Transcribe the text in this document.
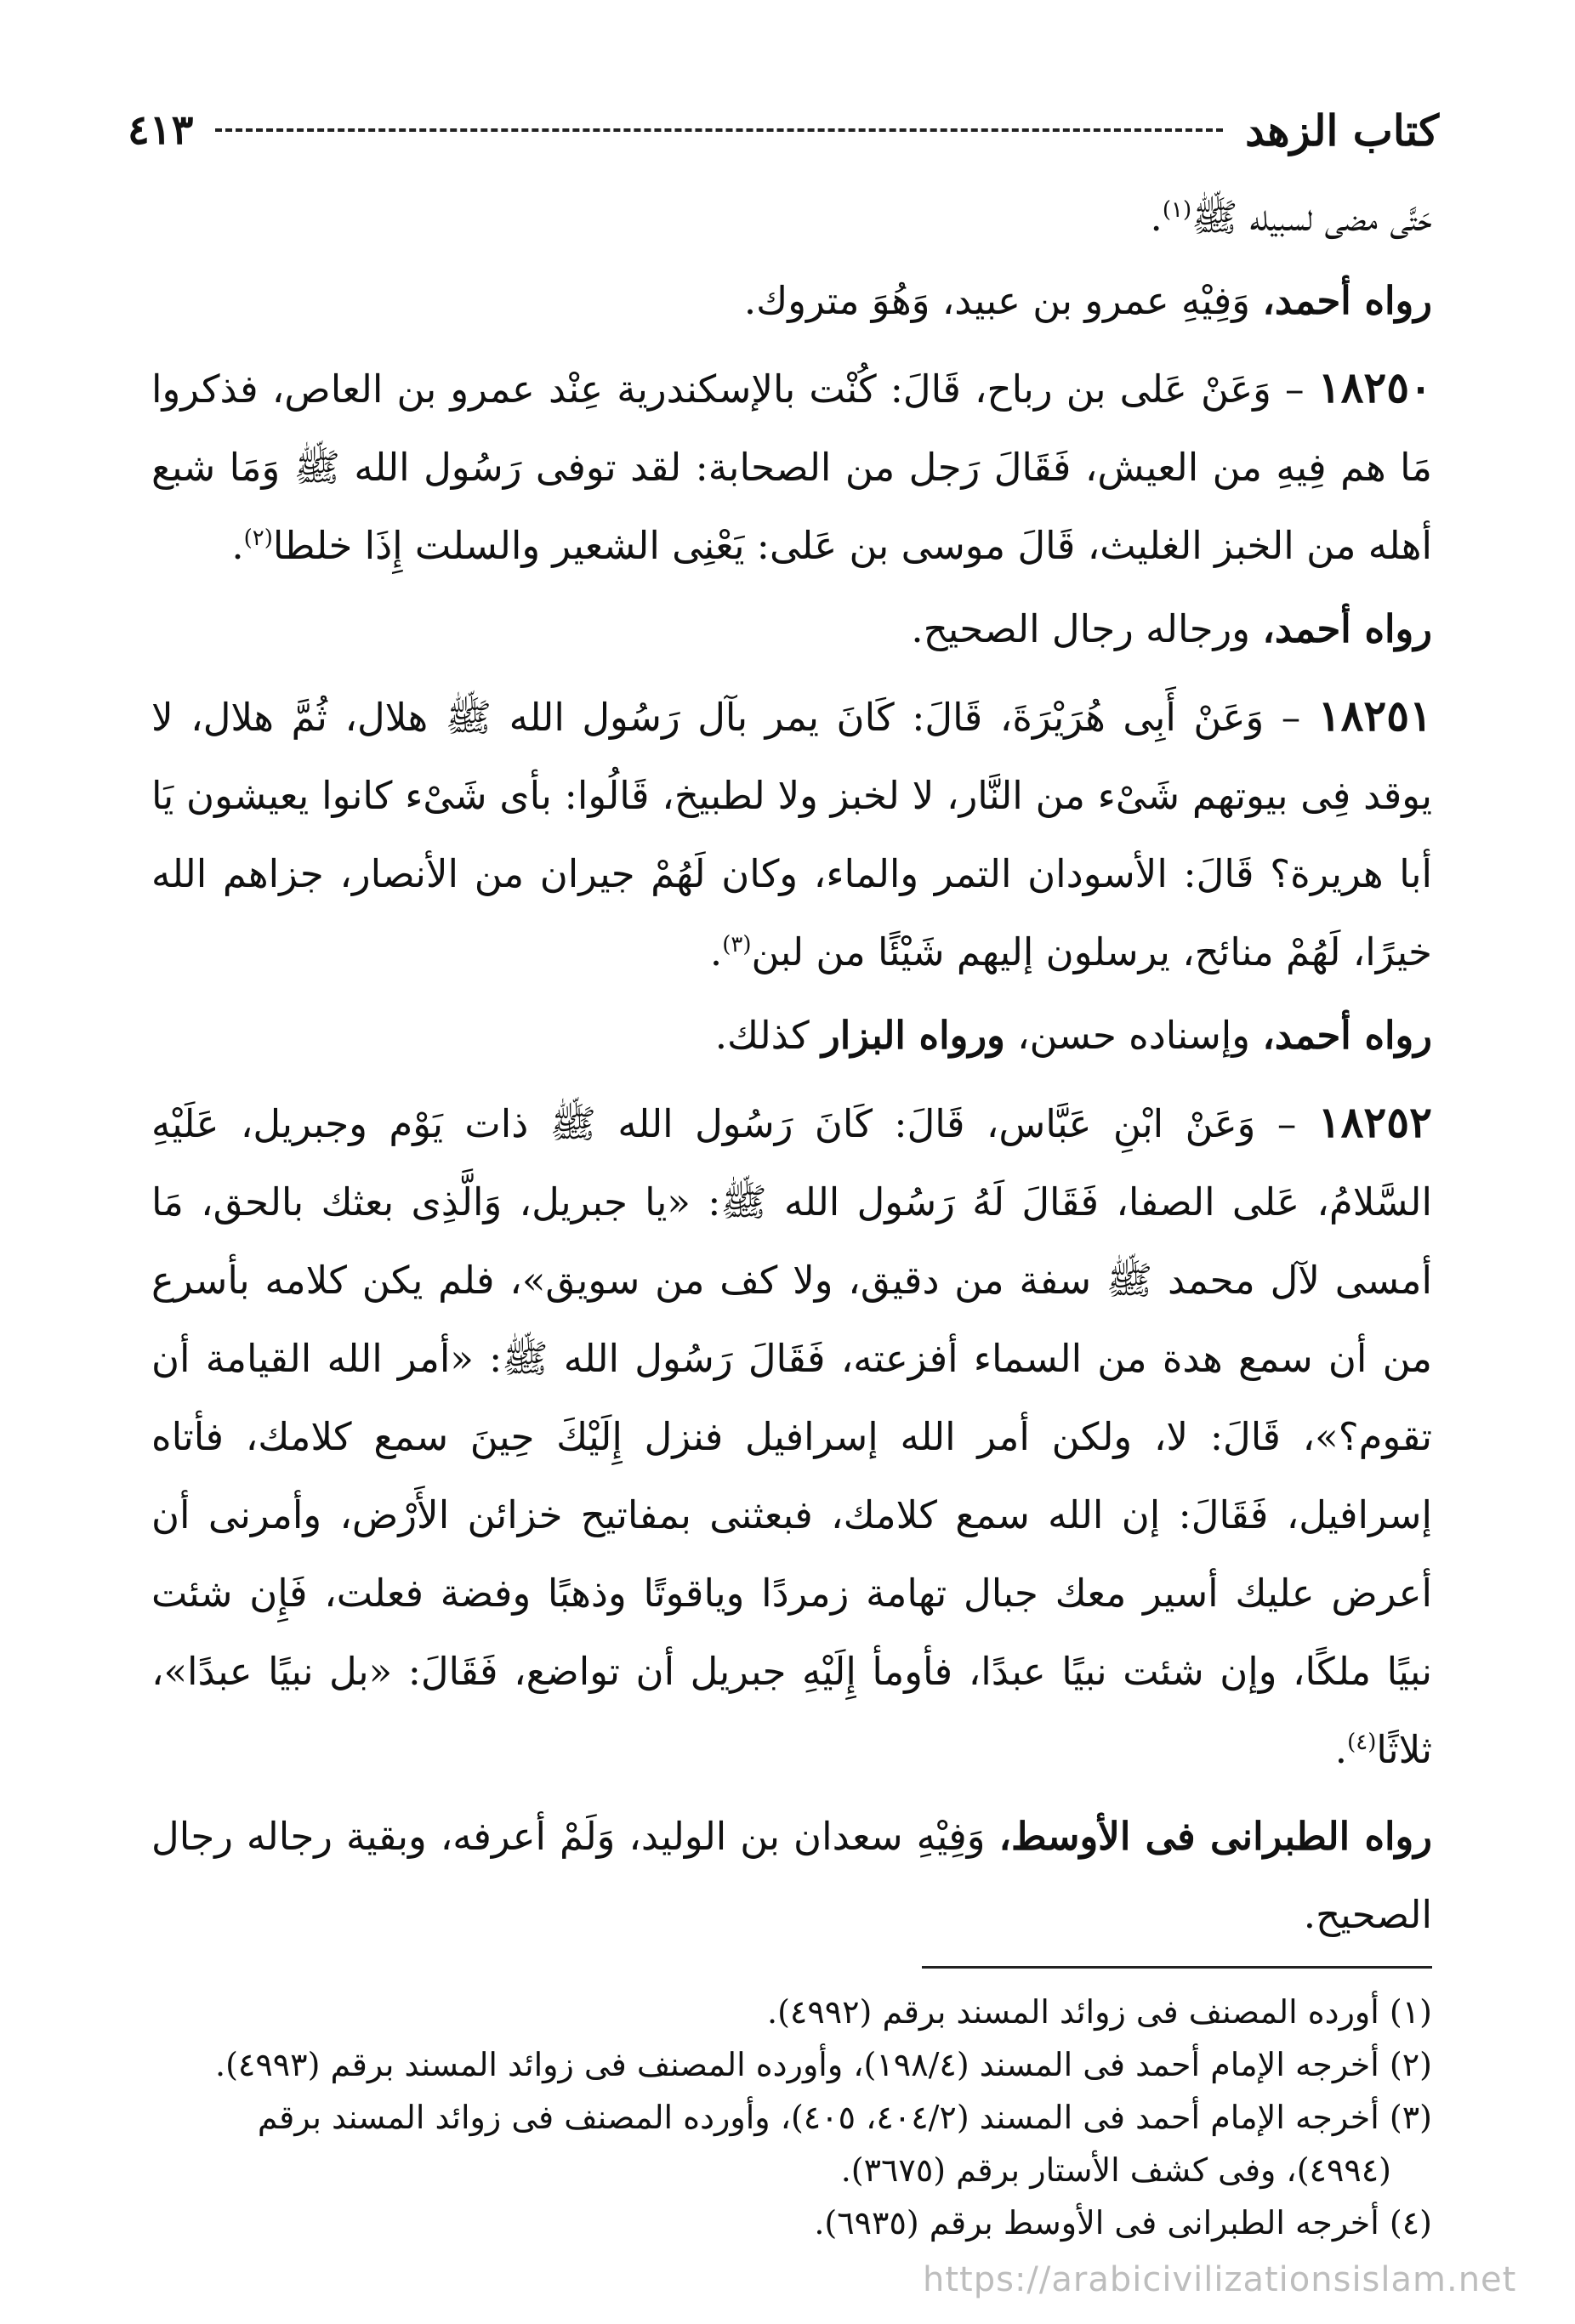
كتاب الزهد
٤١٣

حَتَّى مضى لسبيله ﷺ$^{(١)}$.

رواه أحمد، وَفِيْهِ عمرو بن عبيد، وَهُوَ متروك.

١٨٢٥٠ – وَعَنْ عَلى بن رباح، قَالَ: كُنْت بالإسكندرية عِنْد عمرو بن العاص، فذكروا مَا هم فِيهِ من العيش، فَقَالَ رَجل من الصحابة: لقد توفى رَسُول الله ﷺ وَمَا شبع أهله من الخبز الغليث، قَالَ موسى بن عَلى: يَعْنِى الشعير والسلت إِذَا خلطا$^{(٢)}$.

رواه أحمد، ورجاله رجال الصحيح.

١٨٢٥١ – وَعَنْ أَبِى هُرَيْرَةَ، قَالَ: كَانَ يمر بآل رَسُول الله ﷺ هلال، ثُمَّ هلال، لا يوقد فِى بيوتهم شَىْء من النَّار، لا لخبز ولا لطبيخ، قَالُوا: بأى شَىْء كانوا يعيشون يَا أبا هريرة؟ قَالَ: الأسودان التمر والماء، وكان لَهُمْ جيران من الأنصار، جزاهم الله خيرًا، لَهُمْ منائح، يرسلون إليهم شَيْئًا من لبن$^{(٣)}$.

رواه أحمد، وإسناده حسن، ورواه البزار كذلك.

١٨٢٥٢ – وَعَنْ ابْنِ عَبَّاس، قَالَ: كَانَ رَسُول الله ﷺ ذات يَوْم وجبريل، عَلَيْهِ السَّلامُ، عَلى الصفا، فَقَالَ لَهُ رَسُول الله ﷺ: «يا جبريل، وَالَّذِى بعثك بالحق، مَا أمسى لآل محمد ﷺ سفة من دقيق، ولا كف من سويق»، فلم يكن كلامه بأسرع من أن سمع هدة من السماء أفزعته، فَقَالَ رَسُول الله ﷺ: «أمر الله القيامة أن تقوم؟»، قَالَ: لا، ولكن أمر الله إسرافيل فنزل إِلَيْكَ حِينَ سمع كلامك، فأتاه إسرافيل، فَقَالَ: إن الله سمع كلامك، فبعثنى بمفاتيح خزائن الأَرْض، وأمرنى أن أعرض عليك أسير معك جبال تهامة زمردًا وياقوتًا وذهبًا وفضة فعلت، فَإِن شئت نبيًا ملكًا، وإن شئت نبيًا عبدًا، فأومأ إِلَيْهِ جبريل أن تواضع، فَقَالَ: «بل نبيًا عبدًا»، ثلاثًا$^{(٤)}$.

رواه الطبرانى فى الأوسط، وَفِيْهِ سعدان بن الوليد، وَلَمْ أعرفه، وبقية رجاله رجال الصحيح.

(١) أورده المصنف فى زوائد المسند برقم (٤٩٩٢).

(٢) أخرجه الإمام أحمد فى المسند (١٩٨/٤)، وأورده المصنف فى زوائد المسند برقم (٤٩٩٣).

(٣) أخرجه الإمام أحمد فى المسند (٤٠٤/٢، ٤٠٥)، وأورده المصنف فى زوائد المسند برقم

(٤٩٩٤)، وفى كشف الأستار برقم (٣٦٧٥).

(٤) أخرجه الطبرانى فى الأوسط برقم (٦٩٣٥).

https://arabicivilizationsislam.net
